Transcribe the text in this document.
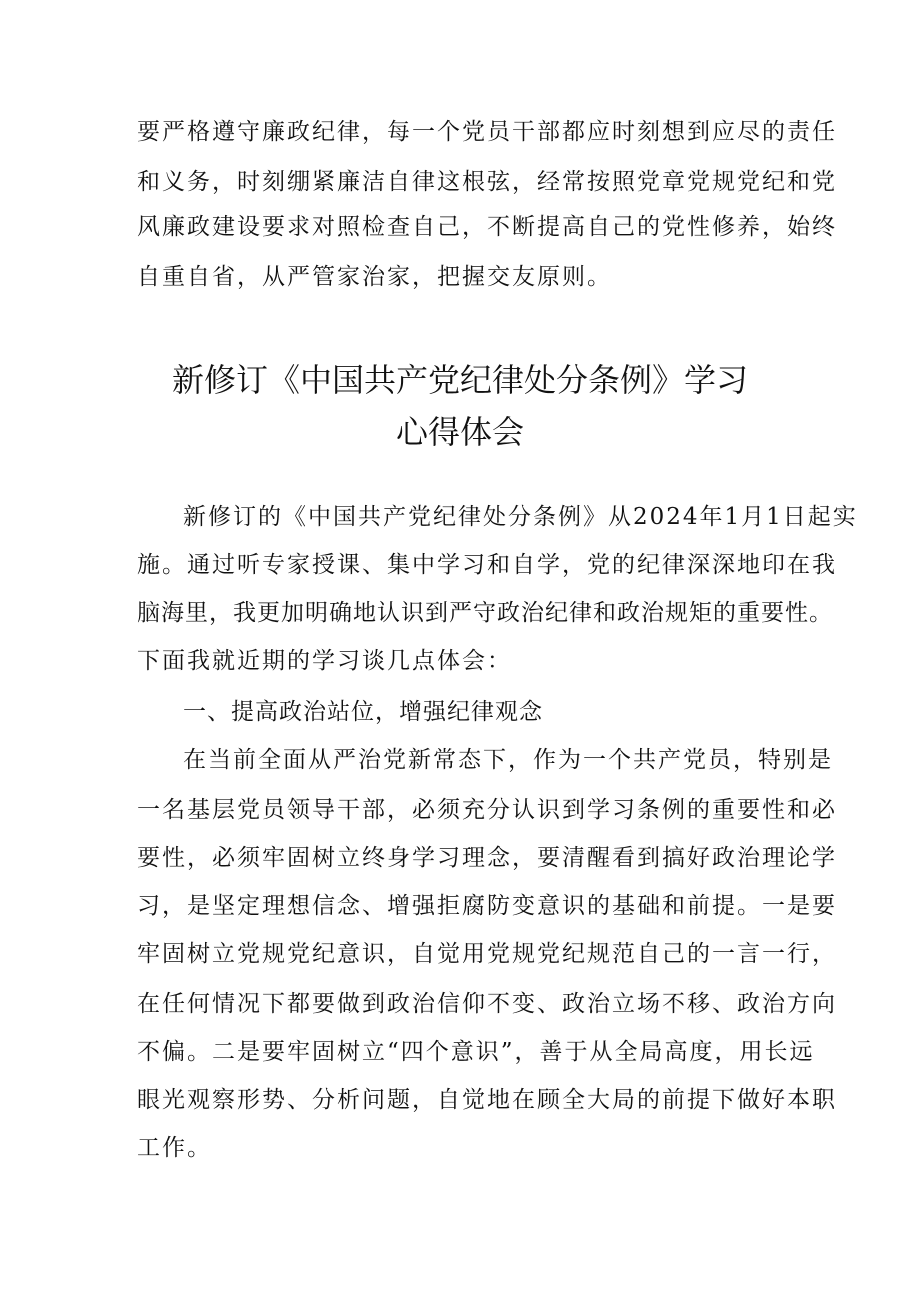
要严格遵守廉政纪律，每一个党员干部都应时刻想到应尽的责任
和义务，时刻绷紧廉洁自律这根弦，经常按照党章党规党纪和党
风廉政建设要求对照检查自己，不断提高自己的党性修养，始终
自重自省，从严管家治家，把握交友原则。
新修订《中国共产党纪律处分条例》学习
心得体会
新修订的《中国共产党纪律处分条例》从2024年1月1日起实
施。通过听专家授课、集中学习和自学，党的纪律深深地印在我
脑海里，我更加明确地认识到严守政治纪律和政治规矩的重要性。
下面我就近期的学习谈几点体会：
一、提高政治站位，增强纪律观念
在当前全面从严治党新常态下，作为一个共产党员，特别是
一名基层党员领导干部，必须充分认识到学习条例的重要性和必
要性，必须牢固树立终身学习理念，要清醒看到搞好政治理论学
习，是坚定理想信念、增强拒腐防变意识的基础和前提。一是要
牢固树立党规党纪意识，自觉用党规党纪规范自己的一言一行，
在任何情况下都要做到政治信仰不变、政治立场不移、政治方向
不偏。二是要牢固树立“四个意识”，善于从全局高度，用长远
眼光观察形势、分析问题，自觉地在顾全大局的前提下做好本职
工作。
